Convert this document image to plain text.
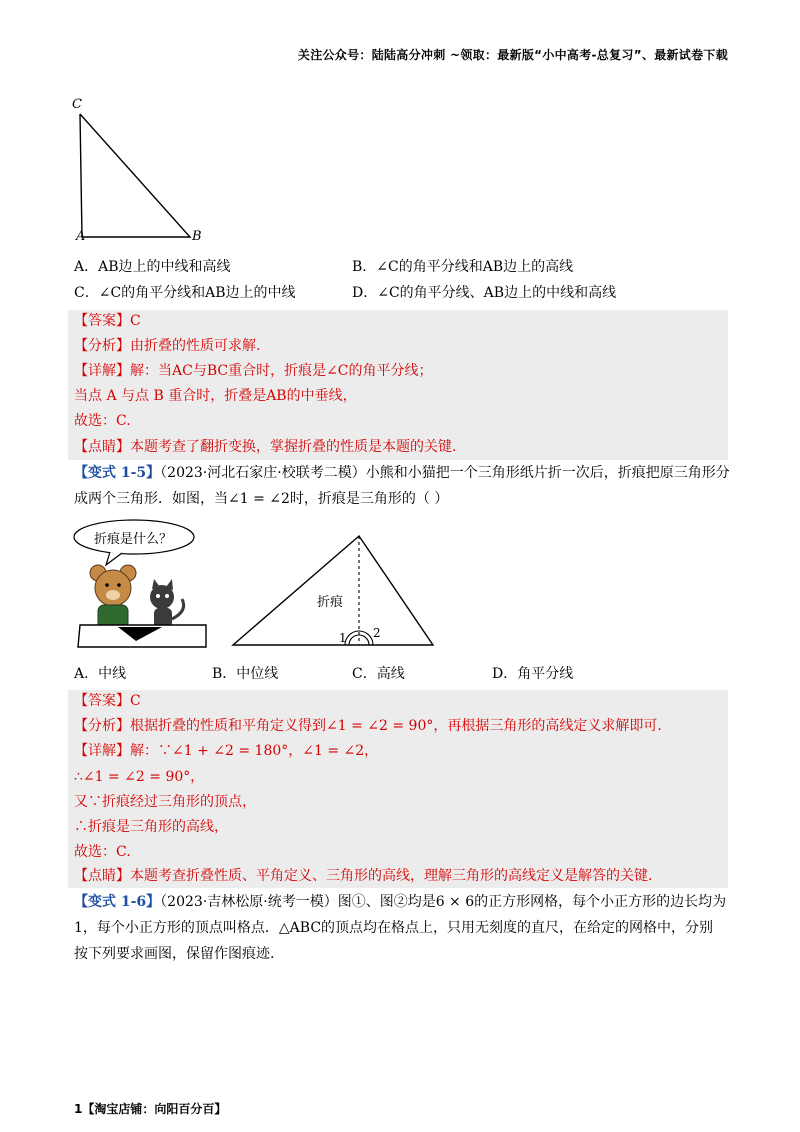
关注公众号：陆陆高分冲刺 ~领取：最新版“小中高考-总复习”、最新试卷下载
C
A	B
A．AB边上的中线和高线	B．∠C的角平分线和AB边上的高线
C．∠C的角平分线和AB边上的中线	D．∠C的角平分线、AB边上的中线和高线
【答案】C
【分析】由折叠的性质可求解.
【详解】解：当AC与BC重合时，折痕是∠C的角平分线；
当点 A 与点 B 重合时，折叠是AB的中垂线，
故选：C.
【点睛】本题考查了翻折变换，掌握折叠的性质是本题的关键.
【变式 1-5】（2023·河北石家庄·校联考二模）小熊和小猫把一个三角形纸片折一次后，折痕把原三角形分
成两个三角形．如图，当∠1 = ∠2时，折痕是三角形的（ ）
折痕是什么？
折痕
1 2
A．中线	B．中位线	C．高线	D．角平分线
【答案】C
【分析】根据折叠的性质和平角定义得到∠1 = ∠2 = 90°，再根据三角形的高线定义求解即可.
【详解】解：∵∠1 + ∠2 = 180°，∠1 = ∠2，
∴∠1 = ∠2 = 90°，
又∵折痕经过三角形的顶点，
∴折痕是三角形的高线，
故选：C.
【点睛】本题考查折叠性质、平角定义、三角形的高线，理解三角形的高线定义是解答的关键.
【变式 1-6】（2023·吉林松原·统考一模）图①、图②均是6 × 6的正方形网格，每个小正方形的边长均为
1，每个小正方形的顶点叫格点．△ABC的顶点均在格点上，只用无刻度的直尺，在给定的网格中，分别
按下列要求画图，保留作图痕迹.
1【淘宝店铺：向阳百分百】
